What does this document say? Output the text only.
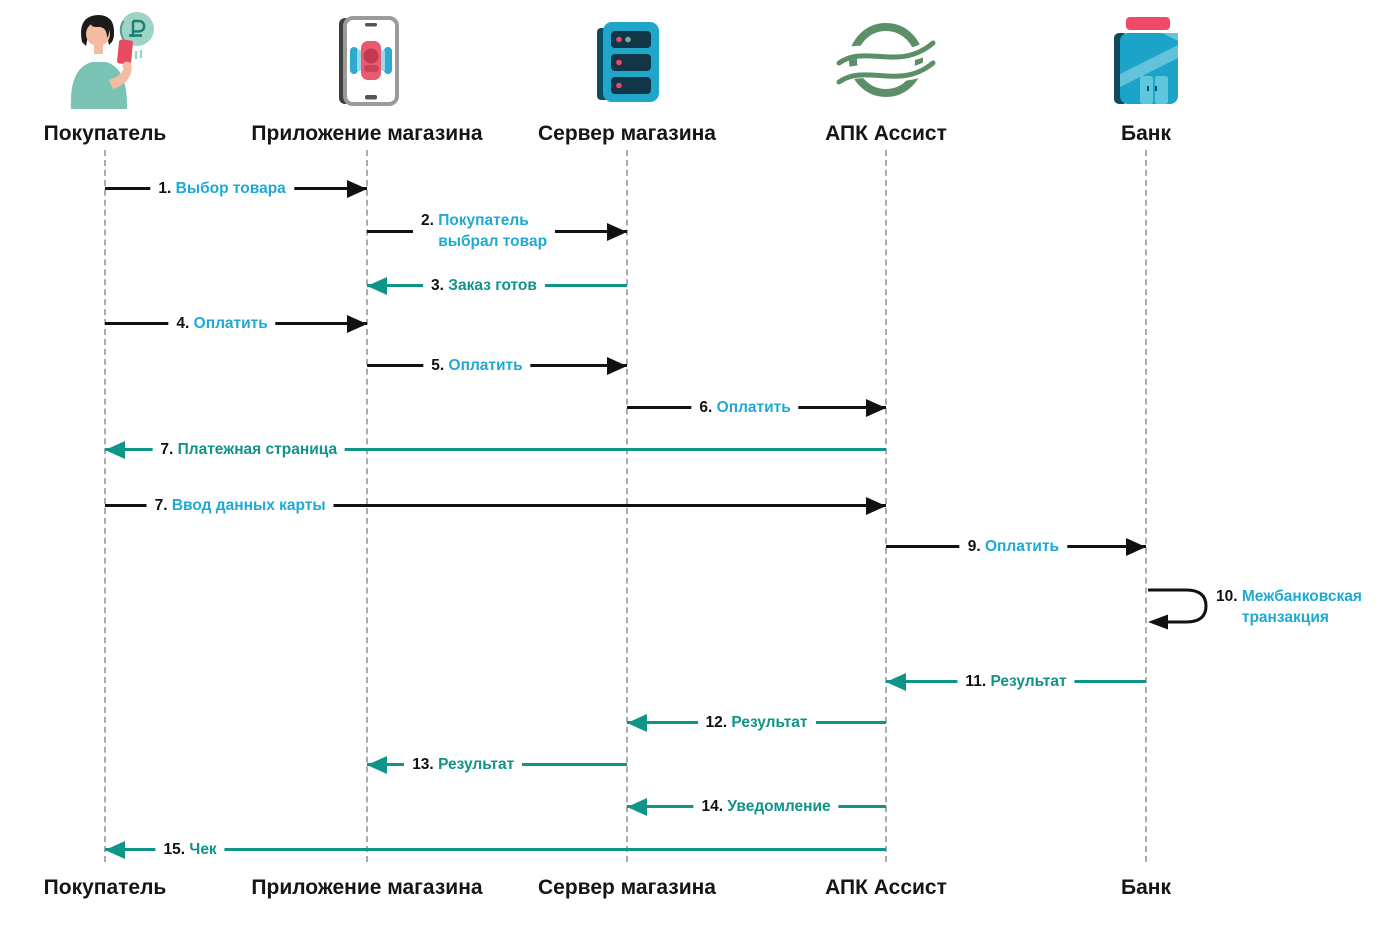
Покупатель	Приложение магазина	Сервер магазина	АПК Ассист	Банк
Покупатель	Приложение магазина	Сервер магазина	АПК Ассист	Банк
1. Выбор товара
2. Покупатель
выбрал товар
3. Заказ готов
4. Оплатить
5. Оплатить
6. Оплатить
7. Платежная страница
7. Ввод данных карты
9. Оплатить
10. Межбанковская
транзакция
11. Результат
12. Результат
13. Результат
14. Уведомление
15. Чек
